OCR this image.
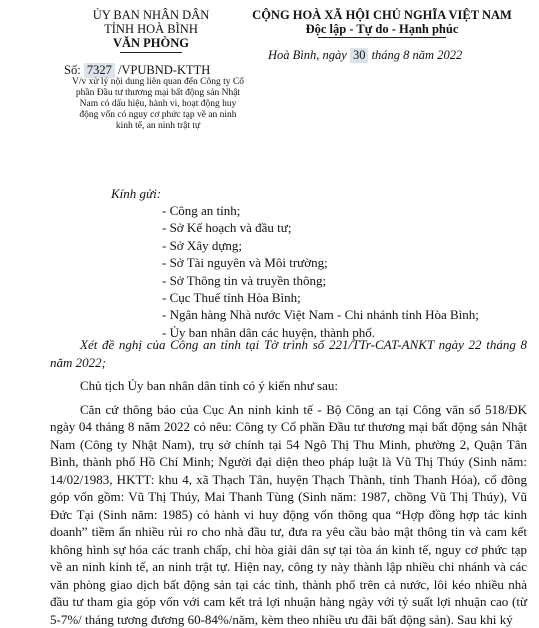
ỦY BAN NHÂN DÂN
TỈNH HOÀ BÌNH
VĂN PHÒNG
CỘNG HOÀ XÃ HỘI CHỦ NGHĨA VIỆT NAM
Độc lập - Tự do - Hạnh phúc
Số: 7327 /VPUBND-KTTH
Hoà Bình, ngày 30 tháng 8 năm 2022
V/v xử lý nội dung liên quan đến Công ty Cổ
phần Đầu tư thương mại bất động sản Nhật
Nam có dấu hiệu, hành vi, hoạt động huy
động vốn có nguy cơ phức tạp về an ninh
kinh tế, an ninh trật tự
Kính gửi:
- Công an tỉnh;
- Sở Kế hoạch và đầu tư;
- Sở Xây dựng;
- Sở Tài nguyên và Môi trường;
- Sở Thông tin và truyền thông;
- Cục Thuế tỉnh Hòa Bình;
- Ngân hàng Nhà nước Việt Nam - Chi nhánh tỉnh Hòa Bình;
- Ủy ban nhân dân các huyện, thành phố.

Xét đề nghị của Công an tỉnh tại Tờ trình số 221/TTr-CAT-ANKT ngày 22 tháng 8 năm 2022;

Chủ tịch Ủy ban nhân dân tỉnh có ý kiến như sau:

Căn cứ thông báo của Cục An ninh kinh tế - Bộ Công an tại Công văn số 518/ĐK ngày 04 tháng 8 năm 2022 có nêu: Công ty Cổ phần Đầu tư thương mại bất động sản Nhật Nam (Công ty Nhật Nam), trụ sở chính tại 54 Ngô Thị Thu Minh, phường 2, Quận Tân Bình, thành phố Hồ Chí Minh; Người đại diện theo pháp luật là Vũ Thị Thúy (Sinh năm: 14/02/1983, HKTT: khu 4, xã Thạch Tân, huyện Thạch Thành, tỉnh Thanh Hóa), cổ đông góp vốn gồm: Vũ Thị Thúy, Mai Thanh Tùng (Sinh năm: 1987, chồng Vũ Thị Thúy), Vũ Đức Tại (Sinh năm: 1985) có hành vi huy động vốn thông qua “Hợp đồng hợp tác kinh doanh” tiềm ẩn nhiều rủi ro cho nhà đầu tư, đưa ra yêu cầu bảo mật thông tin và cam kết không hình sự hóa các tranh chấp, chỉ hòa giải dân sự tại tòa án kinh tế, nguy cơ phức tạp về an ninh kinh tế, an ninh trật tự. Hiện nay, công ty này thành lập nhiều chi nhánh và các văn phòng giao dịch bất động sản tại các tỉnh, thành phố trên cả nước, lôi kéo nhiều nhà đầu tư tham gia góp vốn với cam kết trả lợi nhuận hàng ngày với tỷ suất lợi nhuận cao (từ 5-7%/ tháng tương đương 60-84%/năm, kèm theo nhiều ưu đãi bất động sản). Sau khi ký
